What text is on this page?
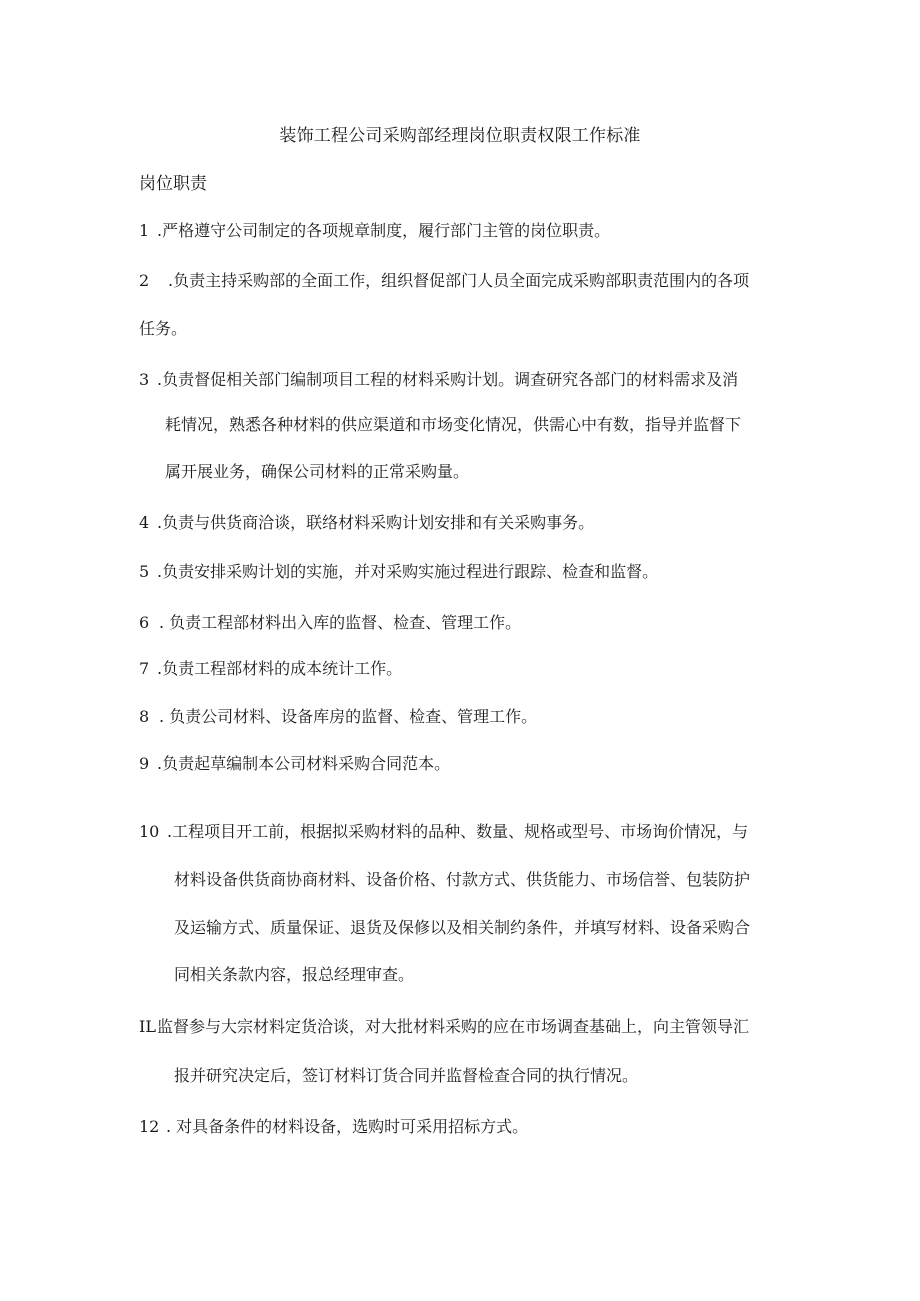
装饰工程公司采购部经理岗位职责权限工作标准
岗位职责
1 .严格遵守公司制定的各项规章制度，履行部门主管的岗位职责。
2 .负责主持采购部的全面工作，组织督促部门人员全面完成采购部职责范围内的各项
任务。
3 .负责督促相关部门编制项目工程的材料采购计划。调查研究各部门的材料需求及消
耗情况，熟悉各种材料的供应渠道和市场变化情况，供需心中有数，指导并监督下
属开展业务，确保公司材料的正常采购量。
4 .负责与供货商洽谈，联络材料采购计划安排和有关采购事务。
5 .负责安排采购计划的实施，并对采购实施过程进行跟踪、检查和监督。
6 . 负责工程部材料出入库的监督、检查、管理工作。
7 .负责工程部材料的成本统计工作。
8 . 负责公司材料、设备库房的监督、检查、管理工作。
9 .负责起草编制本公司材料采购合同范本。
10 .工程项目开工前，根据拟采购材料的品种、数量、规格或型号、市场询价情况，与
材料设备供货商协商材料、设备价格、付款方式、供货能力、市场信誉、包装防护
及运输方式、质量保证、退货及保修以及相关制约条件，并填写材料、设备采购合
同相关条款内容，报总经理审查。
IL 监督参与大宗材料定货洽谈，对大批材料采购的应在市场调查基础上，向主管领导汇
报并研究决定后，签订材料订货合同并监督检查合同的执行情况。
12 . 对具备条件的材料设备，选购时可采用招标方式。
